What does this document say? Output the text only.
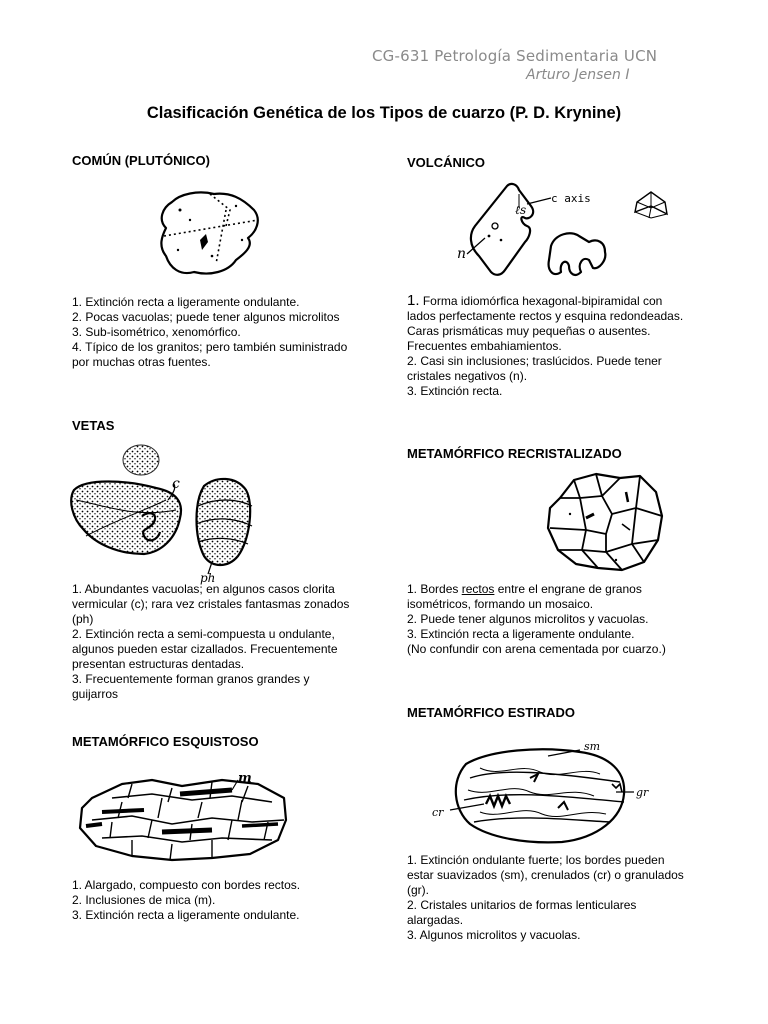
CG-631 Petrología Sedimentaria UCN
Arturo Jensen I
Clasificación Genética de los Tipos de cuarzo (P. D. Krynine)
COMÚN (PLUTÓNICO)
1. Extinción recta a ligeramente ondulante.
2. Pocas vacuolas; puede tener algunos microlitos
3. Sub-isométrico, xenomórfico.
4. Típico de los granitos; pero también suministrado
por muchas otras fuentes.
VOLCÁNICO
ℓs
c axis
n
1. Forma idiomórfica hexagonal-bipiramidal con
lados perfectamente rectos y esquina redondeadas.
Caras prismáticas muy pequeñas o ausentes.
Frecuentes embahiamientos.
2. Casi sin inclusiones; traslúcidos. Puede tener
cristales negativos (n).
3. Extinción recta.
VETAS
c
ph
1. Abundantes vacuolas; en algunos casos clorita
vermicular (c); rara vez cristales fantasmas zonados
(ph)
2. Extinción recta a semi-compuesta u ondulante,
algunos pueden estar cizallados. Frecuentemente
presentan estructuras dentadas.
3. Frecuentemente forman granos grandes y
guijarros
METAMÓRFICO RECRISTALIZADO
1. Bordes rectos entre el engrane de granos
isométricos, formando un mosaico.
2. Puede tener algunos microlitos y vacuolas.
3. Extinción recta a ligeramente ondulante.
(No confundir con arena cementada por cuarzo.)
METAMÓRFICO ESQUISTOSO
m
1. Alargado, compuesto con bordes rectos.
2. Inclusiones de mica (m).
3. Extinción recta a ligeramente ondulante.
METAMÓRFICO ESTIRADO
sm
gr
cr
1. Extinción ondulante fuerte; los bordes pueden
estar suavizados (sm), crenulados (cr) o granulados
(gr).
2. Cristales unitarios de formas lenticulares
alargadas.
3. Algunos microlitos y vacuolas.
